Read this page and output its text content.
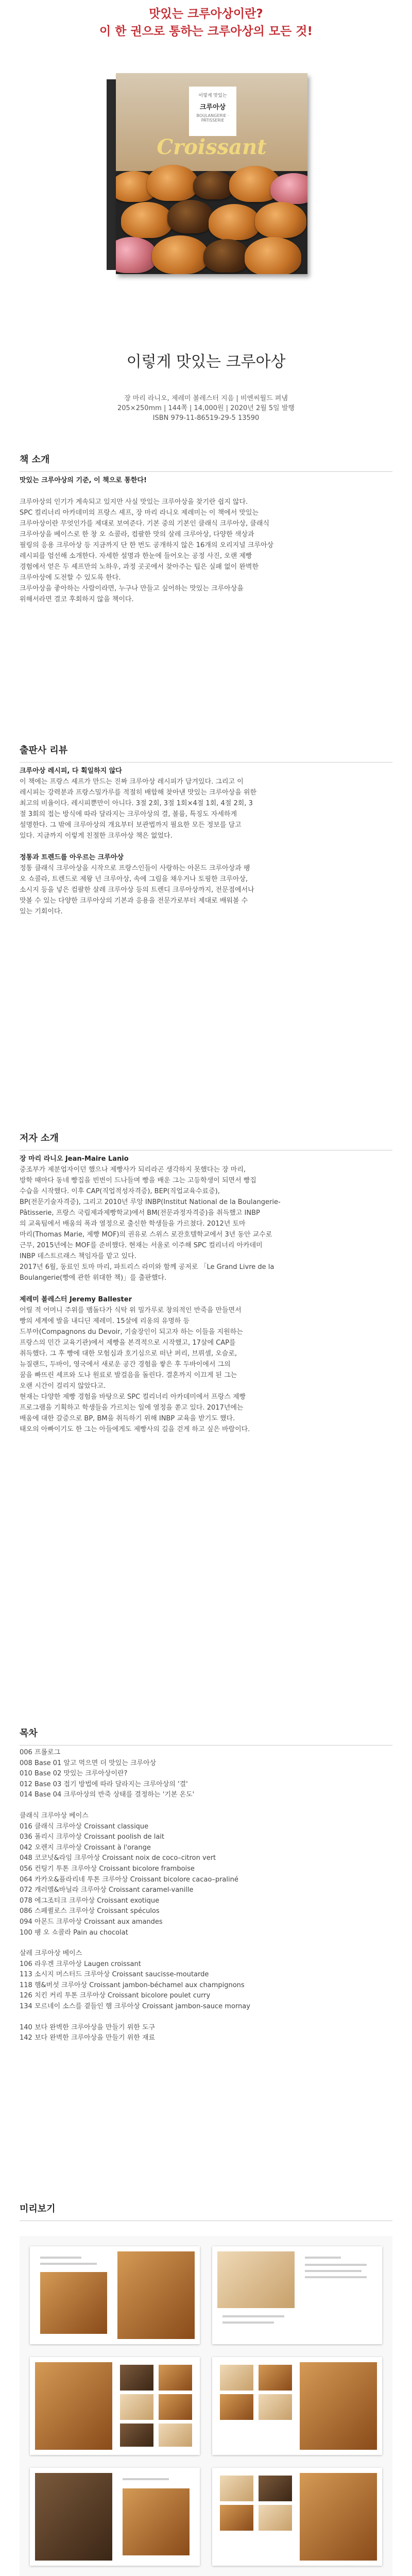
맛있는 크루아상이란?
이 한 권으로 통하는 크루아상의 모든 것!
이렇게 맛있는
크루아상
BOULANGERIE · PÂTISSERIE
Croissant
이렇게 맛있는 크루아상
장 마리 라니오, 제레미 볼레스터 지음 | 비엔씨월드 펴냄
205×250mm | 144쪽 | 14,000원 | 2020년 2월 5일 발행
ISBN 979-11-86519-29-5 13590
책 소개

맛있는 크루아상의 기준, 이 책으로 통한다!

크루아상의 인기가 계속되고 있지만 사실 맛있는 크루아상을 찾기란 쉽지 않다.

SPC 컬리너리 아카데미의 프랑스 셰프, 장 마리 라니오 제레미는 이 책에서 맛있는

크루아상이란 무엇인가를 제대로 보여준다. 기본 중의 기본인 클래식 크루아상, 클래식

크루아상을 베이스로 한 창 오 쇼콜라, 컴팔한 맛의 살레 크루아상, 다양한 색상과

필링의 응용 크루아상 등 지금까지 단 한 번도 공개하지 않은 16개의 오리지널 크루아상

레시피를 엄선해 소개한다. 자세한 설명과 한눈에 들어오는 공정 사진, 오랜 제빵

경험에서 얻은 두 셰프만의 노하우, 과정 곳곳에서 찾아주는 팁은 실패 없이 완벽한

크루아상에 도전할 수 있도록 한다.

크루아상을 좋아하는 사람이라면, 누구나 만들고 싶어하는 맛있는 크루아상을

위해서라면 결코 후회하지 않을 책이다.

출판사 리뷰

크루아상 레시피, 다 획일하지 않다

이 책에는 프랑스 셰프가 만드는 진짜 크루아상 레시피가 담겨있다. 그리고 이

레시피는 강력분과 프랑스밀가루를 적절히 배합해 찾아낸 맛있는 크루아상을 위한

최고의 비율이다. 레시피뿐만이 아니다. 3절 2회, 3절 1회×4절 1회, 4절 2회, 3

절 3회의 접는 방식에 따라 달라지는 크루아상의 결, 볼륨, 특징도 자세하게

설명한다. 그 밖에 크루아상의 개요부터 보관법까지 필요한 모든 정보를 담고

있다. 지금까지 이렇게 친절한 크루아상 책은 없었다.

정통과 트렌드를 아우르는 크루아상

정통 클래식 크루아상을 시작으로 프랑스인들이 사랑하는 아몬드 크루아상과 팽

오 쇼콜라, 트렌드로 제왕 넌 크루아상, 속에 그림을 채우거나 토핑한 크루아상,

소시지 등을 넣은 컴팔한 살레 크루아상 등의 트렌디 크루아상까지, 전문점에서나

맛볼 수 있는 다양한 크루아상의 기본과 응용을 전문가로부터 제대로 배워볼 수

있는 기회이다.

저자 소개

장 마리 라니오 Jean-Maire Lanio

중조부가 제분업자이던 했으나 제빵사가 되리라곤 생각하지 못했다는 장 마리,

방학 때마다 동네 빵집을 빈번이 드나들며 빵을 배운 그는 고등학생이 되면서 빵집

수습을 시작했다. 이후 CAP(직업적성자격증), BEP(직업교육수료증),

BP(전문기술자격증), 그리고 2010년 루앙 INBP(Institut National de la Boulangerie-

Pâtisserie, 프랑스 국립제과제빵학교)에서 BM(전문과정자격증)을 취득했고 INBP

의 교육팀에서 배움의 폭과 열정으로 출신한 학생들을 가르쳤다. 2012년 토마

마리(Thomas Marie, 제빵 MOF)의 권유로 스위스 로잔호텔학교에서 3년 동안 교수로

근무, 2015년에는 MOF를 준비했다. 현재는 서울로 이주해 SPC 컬리너리 아카데미

INBP 데스트르래스 책임자를 맡고 있다.

2017년 6월, 동료인 토마 마리, 파트리스 라미와 함께 공저로 「Le Grand Livre de la

Boulangerie(빵에 관한 위대한 책)」를 출판했다.

제레미 볼레스터 Jeremy Ballester

어릴 적 어머니 주위를 맴돌다가 식탁 위 밀가루로 창의적인 반죽을 만들면서

빵의 세계에 발을 내디딘 제레미. 15살에 리옹의 유명하 등

드부아(Compagnons du Devoir, 기술장인이 되고자 하는 이들을 지원하는

프랑스의 민간 교육기관)에서 제빵을 본격적으로 시작했고, 17살에 CAP를

취득했다. 그 후 빵에 대한 모험심과 호기심으로 떠난 퍼리, 브뤼셀, 오슬로,

뉴질랜드, 두바이, 영국에서 새로운 공간 경험을 쌓은 후 두바이에서 그의

꿈을 빠뜨린 셰프와 도나 원료로 발걸음을 돌린다. 결혼까지 이끄게 된 그는

오랜 시간이 걸리지 않았다고.

현재는 다양한 제빵 경험을 바탕으로 SPC 컬리너리 아카데미에서 프랑스 제빵

프로그램을 기획하고 학생들을 가르치는 일에 열정을 쏟고 있다. 2017년에는

배움에 대한 갈증으로 BP, BM을 취득하기 위해 INBP 교육을 받기도 했다.

태오의 아빠이기도 한 그는 아들에게도 제빵사의 길을 걷게 하고 싶은 바람이다.

목차

006 프롤로그

008 Base 01 알고 먹으면 더 맛있는 크루아상

010 Base 02 맛있는 크루아상이란?

012 Base 03 접기 방법에 따라 달라지는 크루아상의 '결'

014 Base 04 크루아상의 반죽 상태를 결정하는 '기본 온도'

클래식 크루아상 베이스

016 클래식 크루아상 Croissant classique

036 폴리시 크루아상 Croissant poolish de lait

042 오렌지 크루아상 Croissant à l'orange

048 코코넛&라임 크루아상 Croissant noix de coco–citron vert

056 컨팅기 투톤 크루아상 Croissant bicolore framboise

064 카카오&플라리네 투톤 크루아상 Croissant bicolore cacao–praliné

072 캐러멜&바닐라 크루아상 Croissant caramel-vanille

078 에그조티크 크루아상 Croissant exotique

086 스페퀼로스 크루아상 Croissant spéculos

094 아몬드 크루아상 Croissant aux amandes

100 팽 오 쇼콜라 Pain au chocolat

살레 크루아상 베이스

106 라우겐 크루아상 Laugen croissant

113 소시지 머스터드 크루아상 Croissant saucisse-moutarde

118 햄&버섯 크루아상 Croissant jambon-béchamel aux champignons

126 치킨 커리 투톤 크루아상 Croissant bicolore poulet curry

134 모르네이 소스를 곁들인 햄 크루아상 Croissant jambon-sauce mornay

140 보다 완벽한 크루아상을 만들기 위한 도구

142 보다 완벽한 크루아상을 만들기 위한 재료

미리보기
